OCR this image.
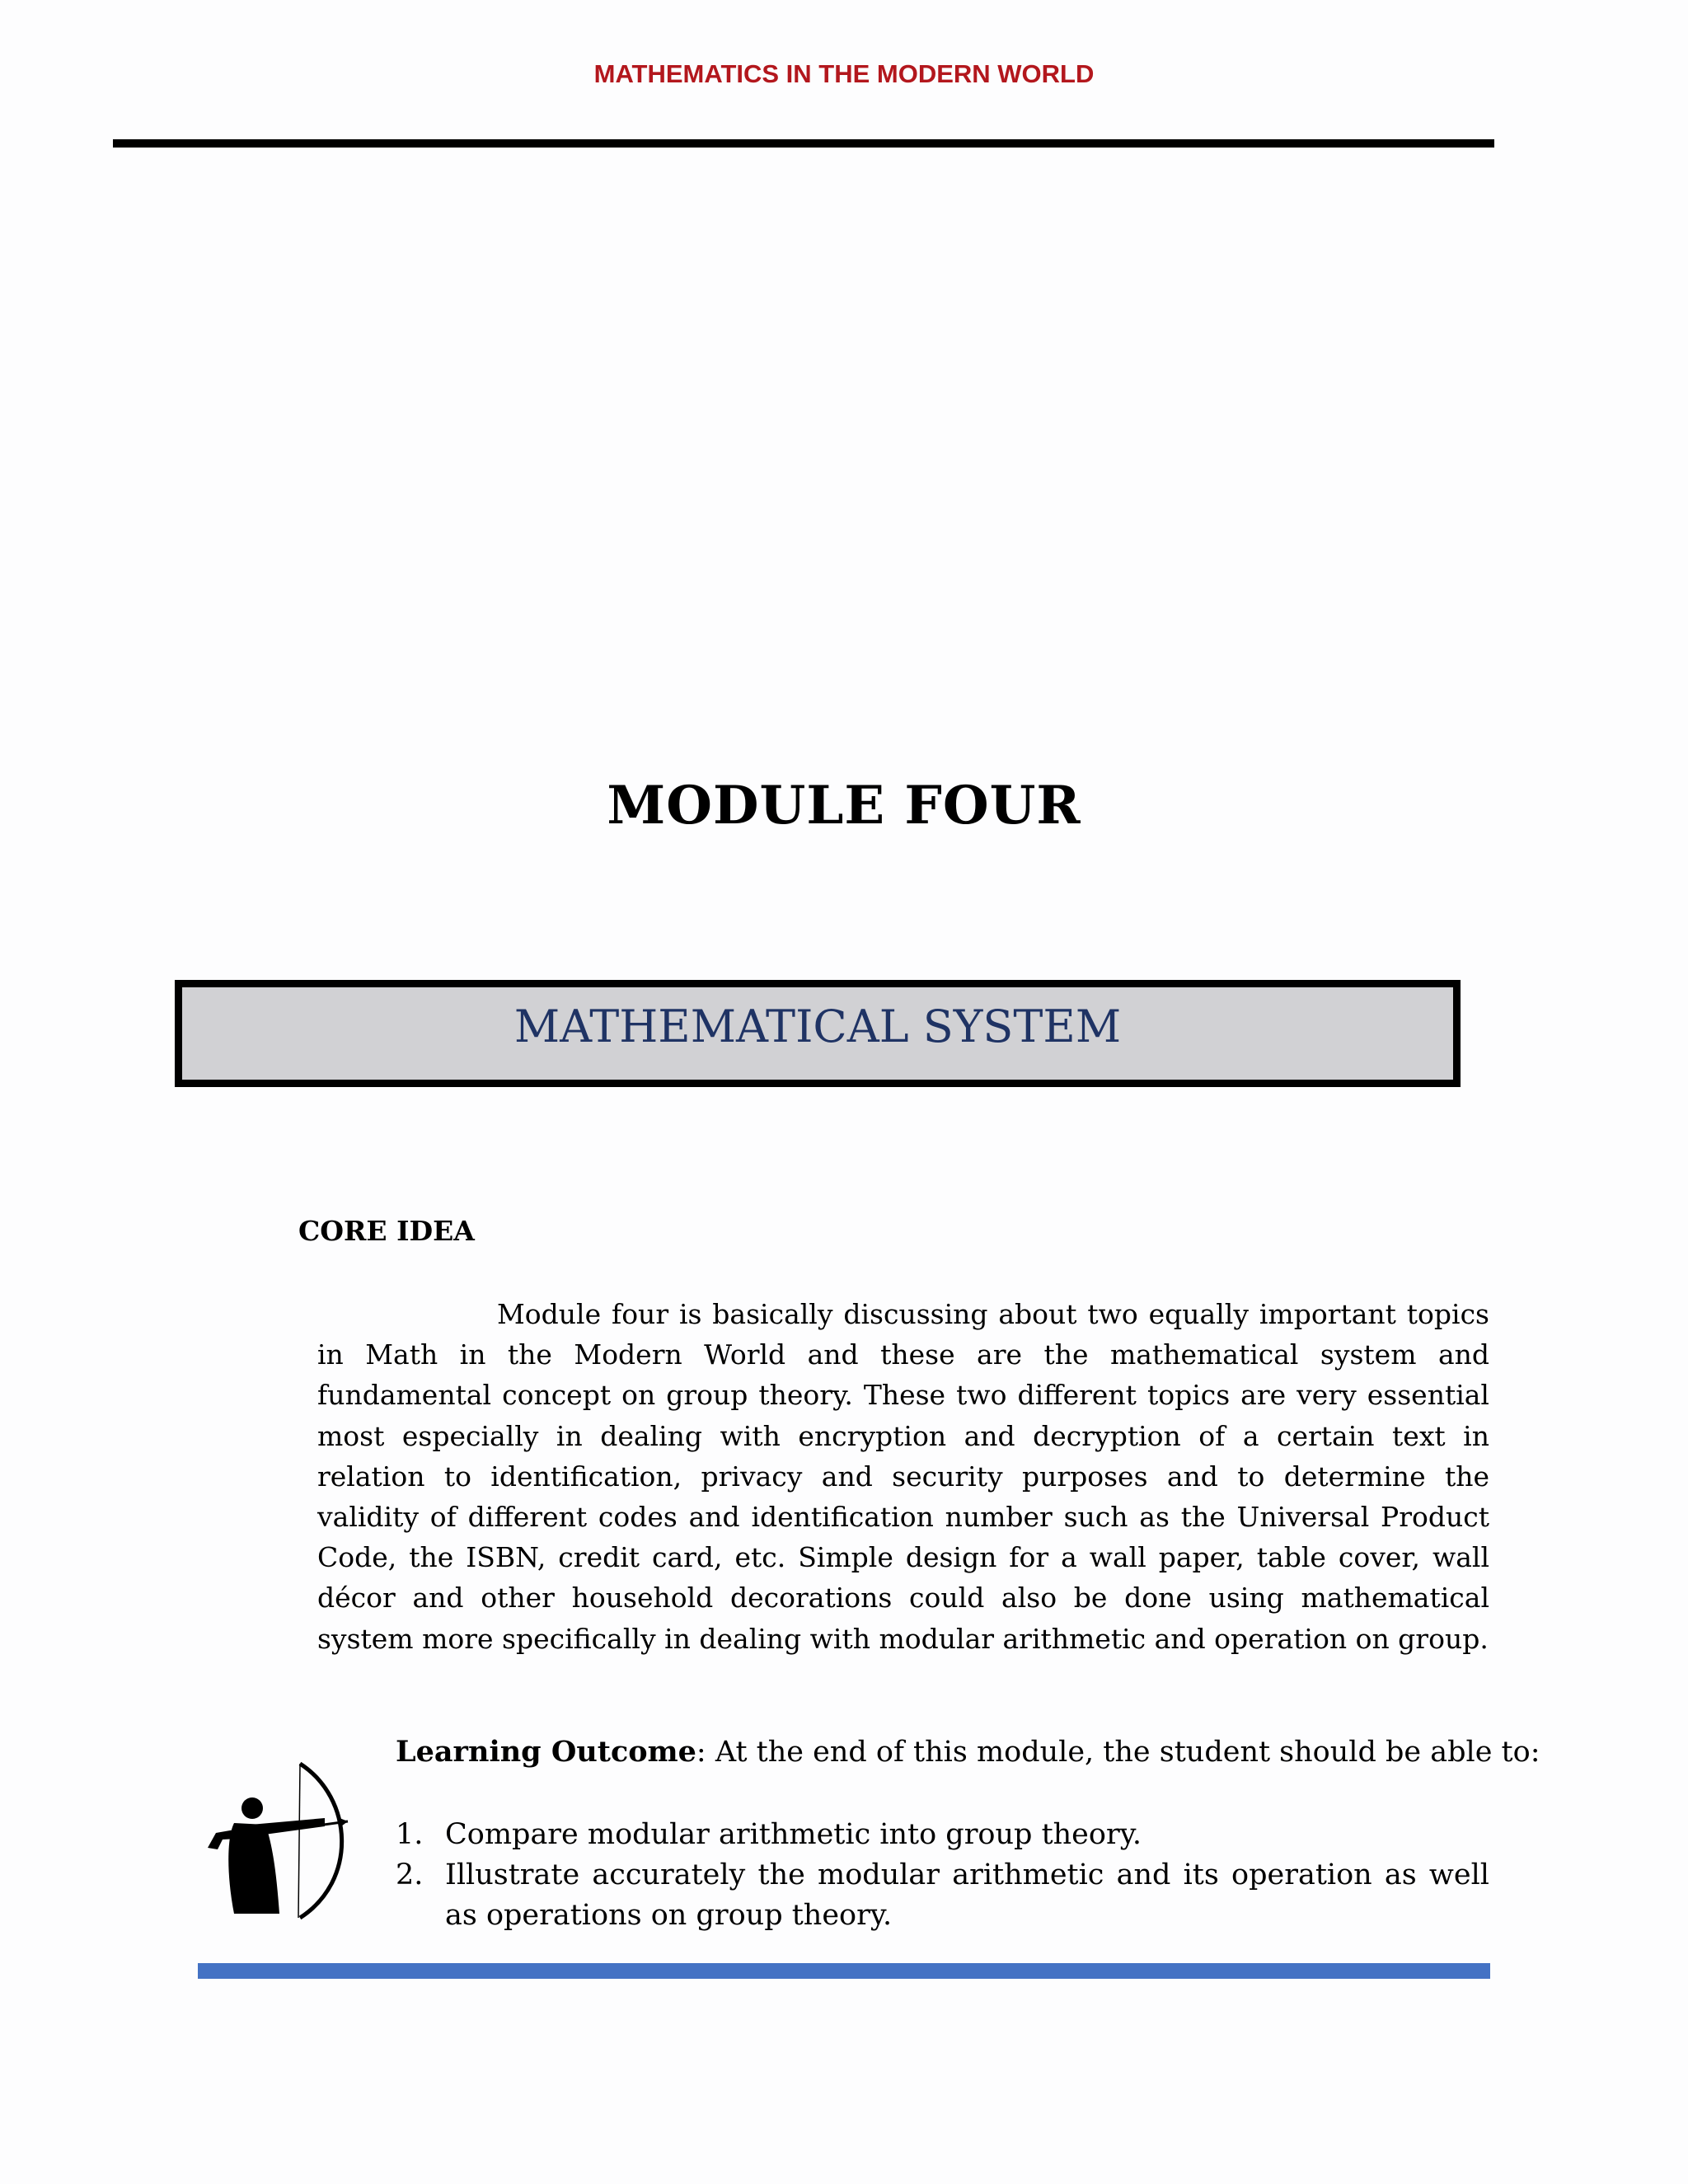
MATHEMATICS IN THE MODERN WORLD
MODULE FOUR
MATHEMATICAL SYSTEM
CORE IDEA

Module four is basically discussing about two equally important topics in Math in the Modern World and these are the mathematical system and fundamental concept on group theory. These two different topics are very essential most especially in dealing with encryption and decryption of a certain text in relation to identification, privacy and security purposes and to determine the validity of different codes and identification number such as the Universal Product Code, the ISBN, credit card, etc. Simple design for a wall paper, table cover, wall décor and other household decorations could also be done using mathematical system more specifically in dealing with modular arithmetic and operation on group.

Learning Outcome: At the end of this module, the student should be able to:
1. Compare modular arithmetic into group theory.
2. Illustrate accurately the modular arithmetic and its operation as well as operations on group theory.
